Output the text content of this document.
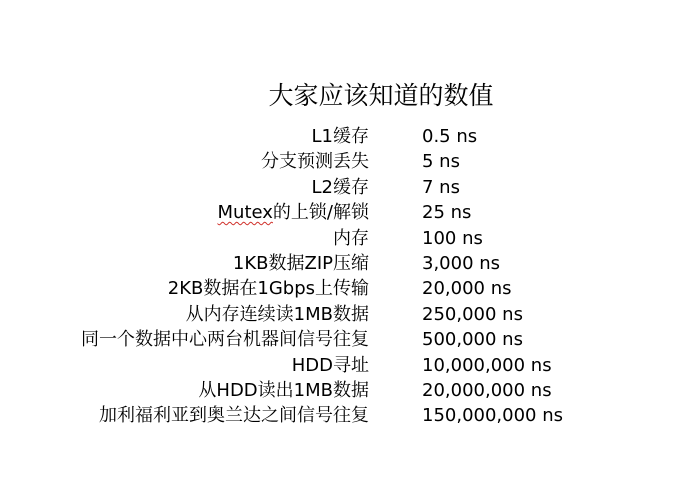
大家应该知道的数值
L1缓存	0.5 ns
分支预测丢失	5 ns
L2缓存	7 ns
Mutex的上锁/解锁	25 ns
内存	100 ns
1KB数据ZIP压缩	3,000 ns
2KB数据在1Gbps上传输	20,000 ns
从内存连续读1MB数据	250,000 ns
同一个数据中心两台机器间信号往复	500,000 ns
HDD寻址	10,000,000 ns
从HDD读出1MB数据	20,000,000 ns
加利福利亚到奥兰达之间信号往复	150,000,000 ns
